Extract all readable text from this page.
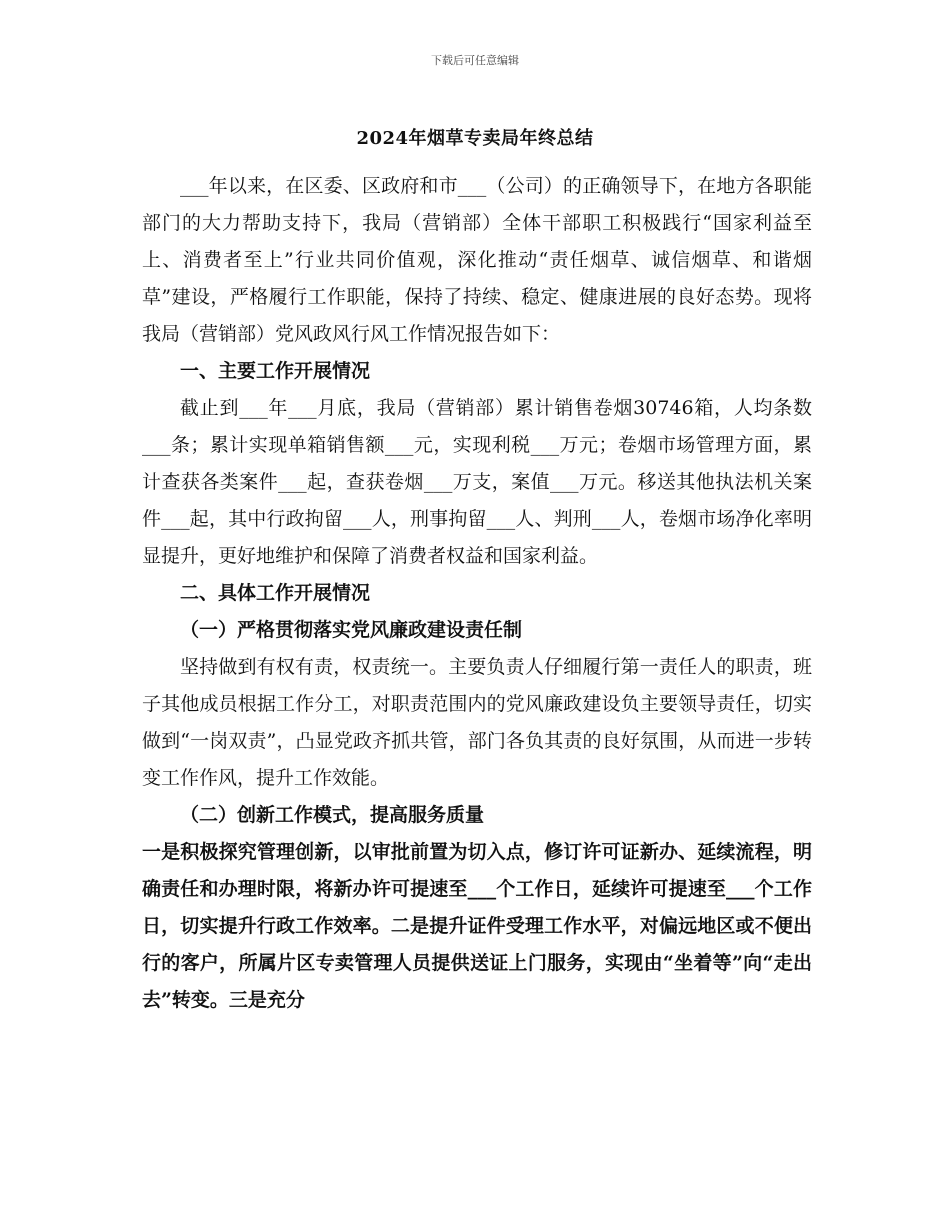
下载后可任意编辑
2024年烟草专卖局年终总结

___年以来，在区委、区政府和市___（公司）的正确领导下，在地方各职能部门的大力帮助支持下，我局（营销部）全体干部职工积极践行“国家利益至上、消费者至上”行业共同价值观，深化推动“责任烟草、诚信烟草、和谐烟草”建设，严格履行工作职能，保持了持续、稳定、健康进展的良好态势。现将我局（营销部）党风政风行风工作情况报告如下：

一、主要工作开展情况

截止到___年___月底，我局（营销部）累计销售卷烟30746箱，人均条数___条；累计实现单箱销售额___元，实现利税___万元；卷烟市场管理方面，累计查获各类案件___起，查获卷烟___万支，案值___万元。移送其他执法机关案件___起，其中行政拘留___人，刑事拘留___人、判刑___人，卷烟市场净化率明显提升，更好地维护和保障了消费者权益和国家利益。

二、具体工作开展情况

（一）严格贯彻落实党风廉政建设责任制

坚持做到有权有责，权责统一。主要负责人仔细履行第一责任人的职责，班子其他成员根据工作分工，对职责范围内的党风廉政建设负主要领导责任，切实做到“一岗双责”，凸显党政齐抓共管，部门各负其责的良好氛围，从而进一步转变工作作风，提升工作效能。

（二）创新工作模式，提高服务质量

一是积极探究管理创新，以审批前置为切入点，修订许可证新办、延续流程，明确责任和办理时限，将新办许可提速至___个工作日，延续许可提速至___个工作日，切实提升行政工作效率。二是提升证件受理工作水平，对偏远地区或不便出行的客户，所属片区专卖管理人员提供送证上门服务，实现由“坐着等”向“走出去”转变。三是充分
